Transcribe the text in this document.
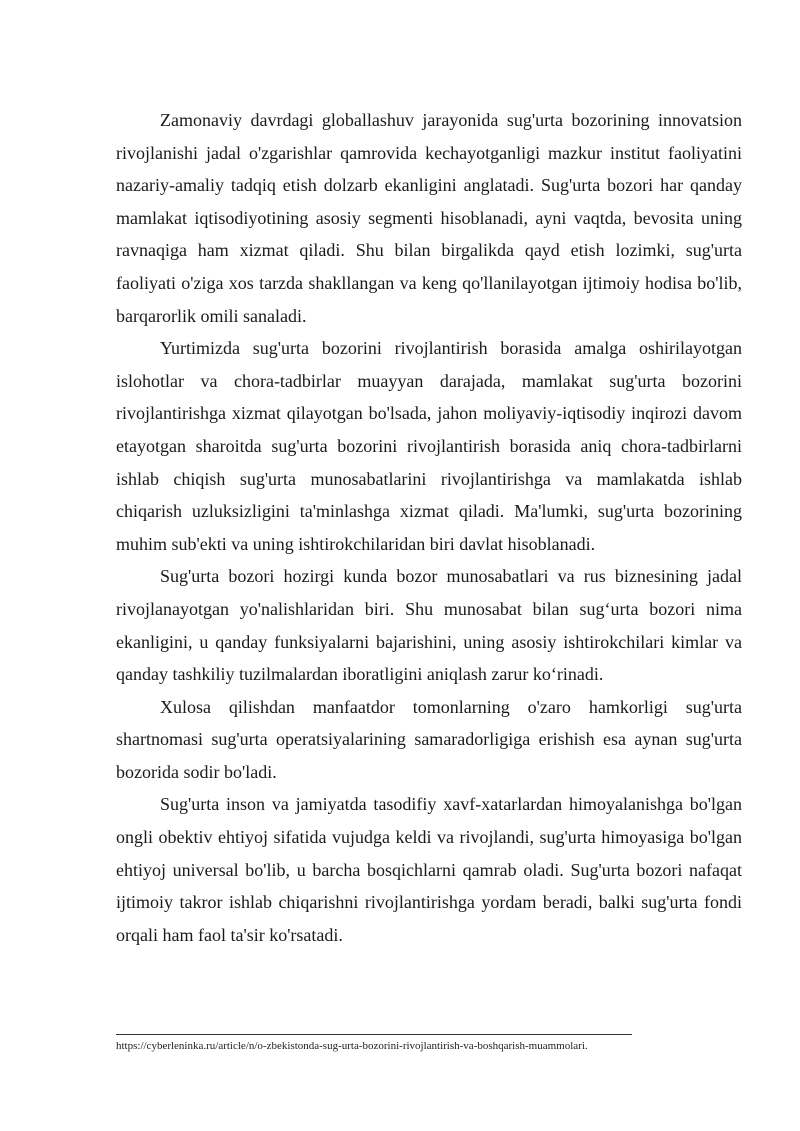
Zamonaviy davrdagi globallashuv jarayonida sug'urta bozorining innovatsion rivojlanishi jadal o'zgarishlar qamrovida kechayotganligi mazkur institut faoliyatini nazariy-amaliy tadqiq etish dolzarb ekanligini anglatadi. Sug'urta bozori har qanday mamlakat iqtisodiyotining asosiy segmenti hisoblanadi, ayni vaqtda, bevosita uning ravnaqiga ham xizmat qiladi. Shu bilan birgalikda qayd etish lozimki, sug'urta faoliyati o'ziga xos tarzda shakllangan va keng qo'llanilayotgan ijtimoiy hodisa bo'lib, barqarorlik omili sanaladi.

Yurtimizda sug'urta bozorini rivojlantirish borasida amalga oshirilayotgan islohotlar va chora-tadbirlar muayyan darajada, mamlakat sug'urta bozorini rivojlantirishga xizmat qilayotgan bo'lsada, jahon moliyaviy-iqtisodiy inqirozi davom etayotgan sharoitda sug'urta bozorini rivojlantirish borasida aniq chora-tadbirlarni ishlab chiqish sug'urta munosabatlarini rivojlantirishga va mamlakatda ishlab chiqarish uzluksizligini ta'minlashga xizmat qiladi. Ma'lumki, sug'urta bozorining muhim sub'ekti va uning ishtirokchilaridan biri davlat hisoblanadi.

Sug'urta bozori hozirgi kunda bozor munosabatlari va rus biznesining jadal rivojlanayotgan yo'nalishlaridan biri. Shu munosabat bilan sug‘urta bozori nima ekanligini, u qanday funksiyalarni bajarishini, uning asosiy ishtirokchilari kimlar va qanday tashkiliy tuzilmalardan iboratligini aniqlash zarur ko‘rinadi.

Xulosa qilishdan manfaatdor tomonlarning o'zaro hamkorligi sug'urta shartnomasi sug'urta operatsiyalarining samaradorligiga erishish esa aynan sug'urta bozorida sodir bo'ladi.

Sug'urta inson va jamiyatda tasodifiy xavf-xatarlardan himoyalanishga bo'lgan ongli obektiv ehtiyoj sifatida vujudga keldi va rivojlandi, sug'urta himoyasiga bo'lgan ehtiyoj universal bo'lib, u barcha bosqichlarni qamrab oladi. Sug'urta bozori nafaqat ijtimoiy takror ishlab chiqarishni rivojlantirishga yordam beradi, balki sug'urta fondi orqali ham faol ta'sir ko'rsatadi.

https://cyberleninka.ru/article/n/o-zbekistonda-sug-urta-bozorini-rivojlantirish-va-boshqarish-muammolari.
